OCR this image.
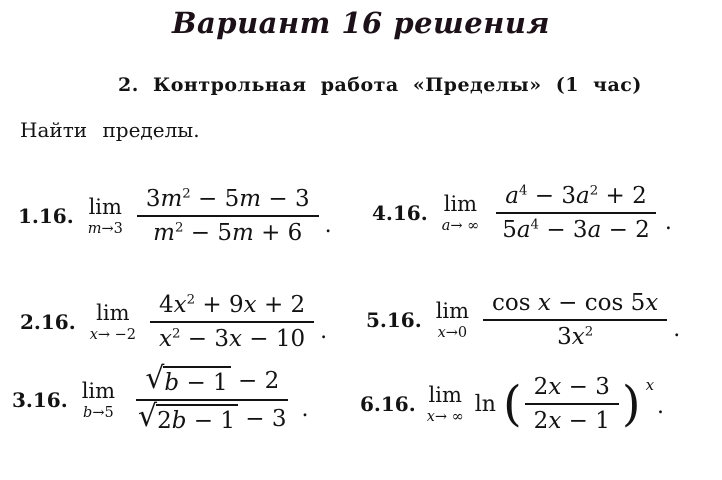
Вариант 16 решения
2. Контрольная работа «Пределы» (1 час)
Найти пределы.
1.16. lim
$m\to 3 \frac{3m^2 - 5m - 3}{m^2 - 5m + 6}$ . 4.16. lim
a→ ∞ $\frac{a^4 - 3a^2 + 2}{5a^4 - 3a - 2}$ .
2.16. lim
$x\to -2 \frac{4x^2 + 9x + 2}{x^2 - 3x - 10}$ . 5.16. lim
$x\to 0 \frac{\text{cos x − cos 5x}}{3x^2}$ .
3.16. lim
$b\to 5 \frac{√ b - 1 - 2}{√ 2b - 1 - 3}$ .	6.16. lim
x→ ∞ ln ( $\frac{2x - 3}{2x - 1}$ ) x
.
